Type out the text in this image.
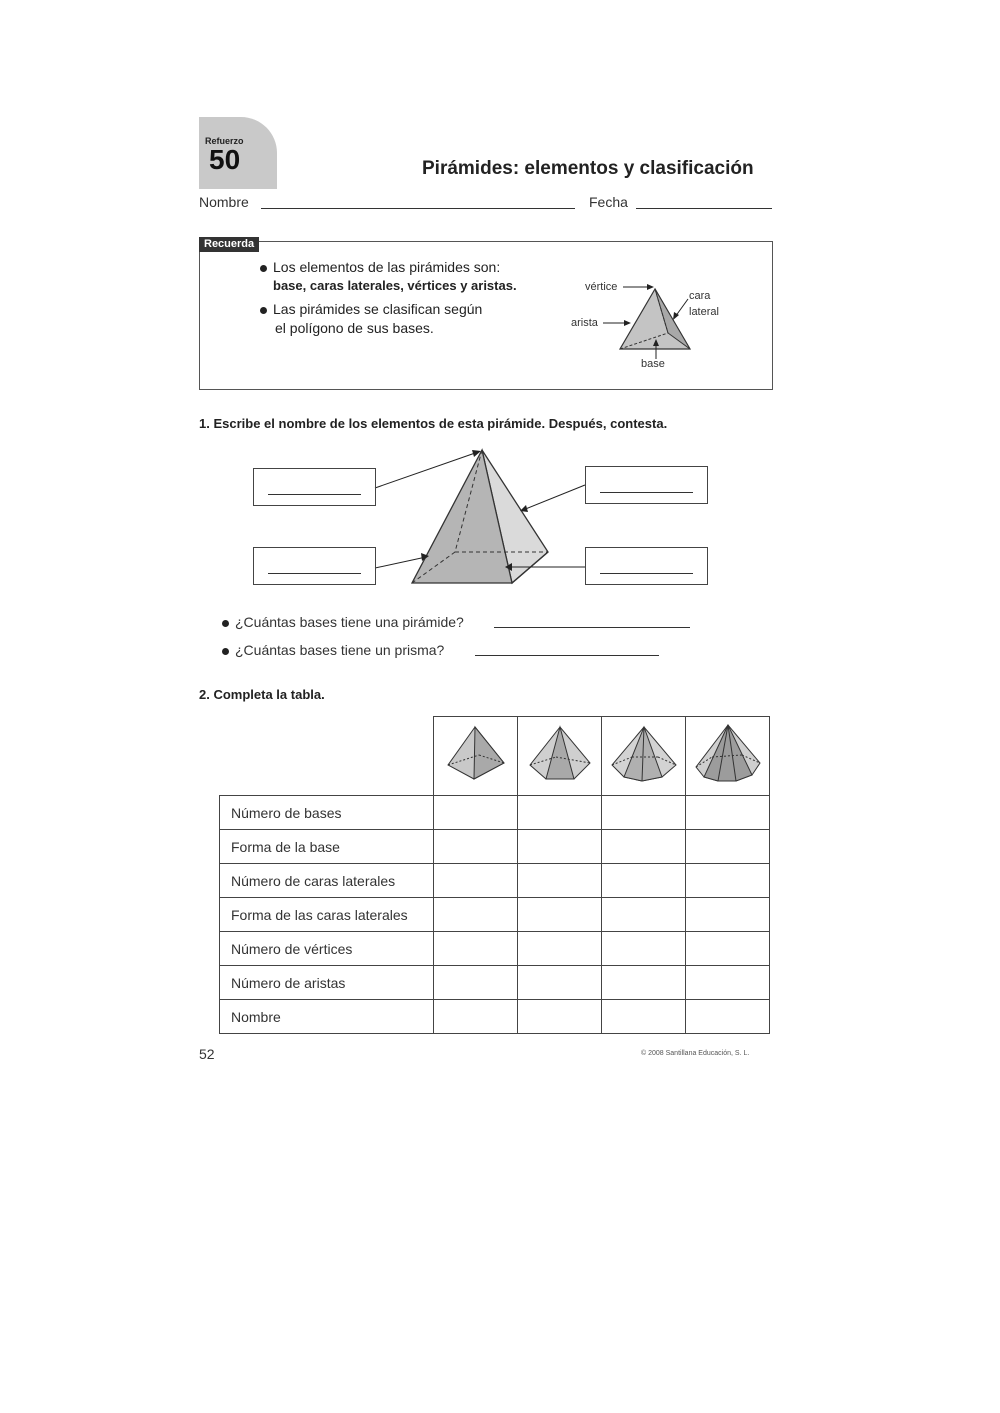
Refuerzo
50	Pirámides: elementos y clasificación
Nombre	Fecha
Recuerda
Los elementos de las pirámides son:
base, caras laterales, vértices y aristas.
Las pirámides se clasifican según
el polígono de sus bases.
vértice
cara
lateral
arista
base
1. Escribe el nombre de los elementos de esta pirámide. Después, contesta.
¿Cuántas bases tiene una pirámide?
¿Cuántas bases tiene un prisma?
2. Completa la tabla.

Número de bases				
Forma de la base				
Número de caras laterales				
Forma de las caras laterales				
Número de vértices				
Número de aristas				
Nombre				
52	© 2008 Santillana Educación, S. L.
